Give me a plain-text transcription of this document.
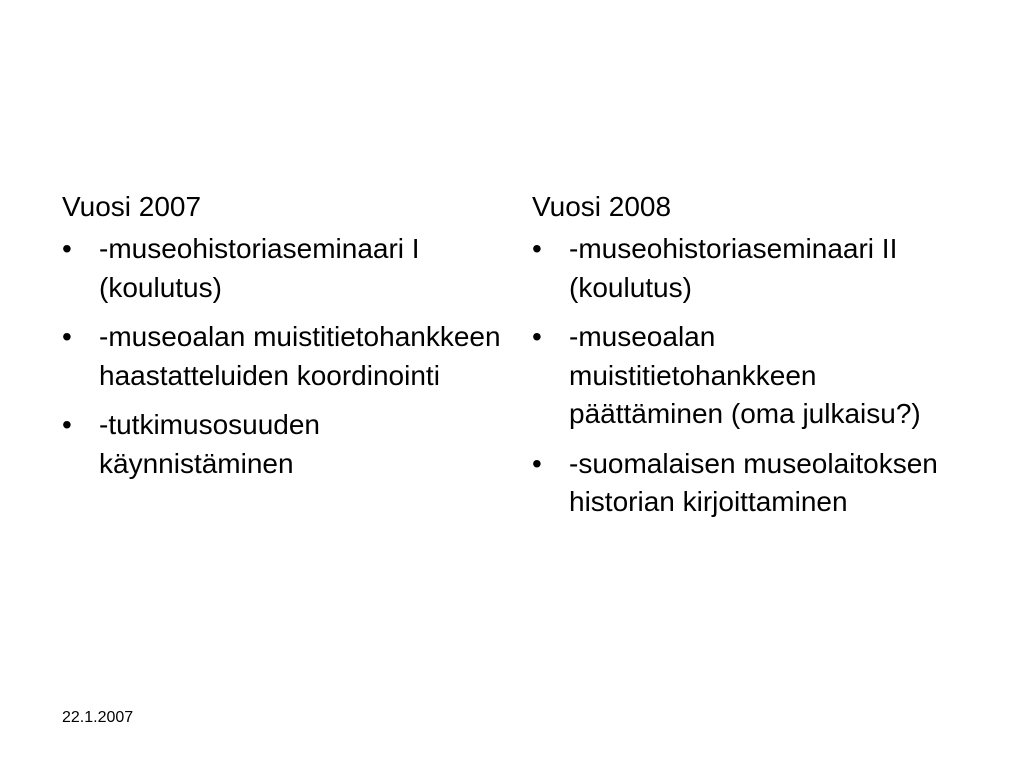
Vuosi 2007
• -museohistoriaseminaari I (koulutus)
• -museoalan muistitietohankkeen haastatteluiden koordinointi
• -tutkimusosuuden käynnistäminen
Vuosi 2008
• -museohistoriaseminaari II (koulutus)
• -museoalan muistitietohankkeen päättäminen (oma julkaisu?)
• -suomalaisen museolaitoksen historian kirjoittaminen
22.1.2007
